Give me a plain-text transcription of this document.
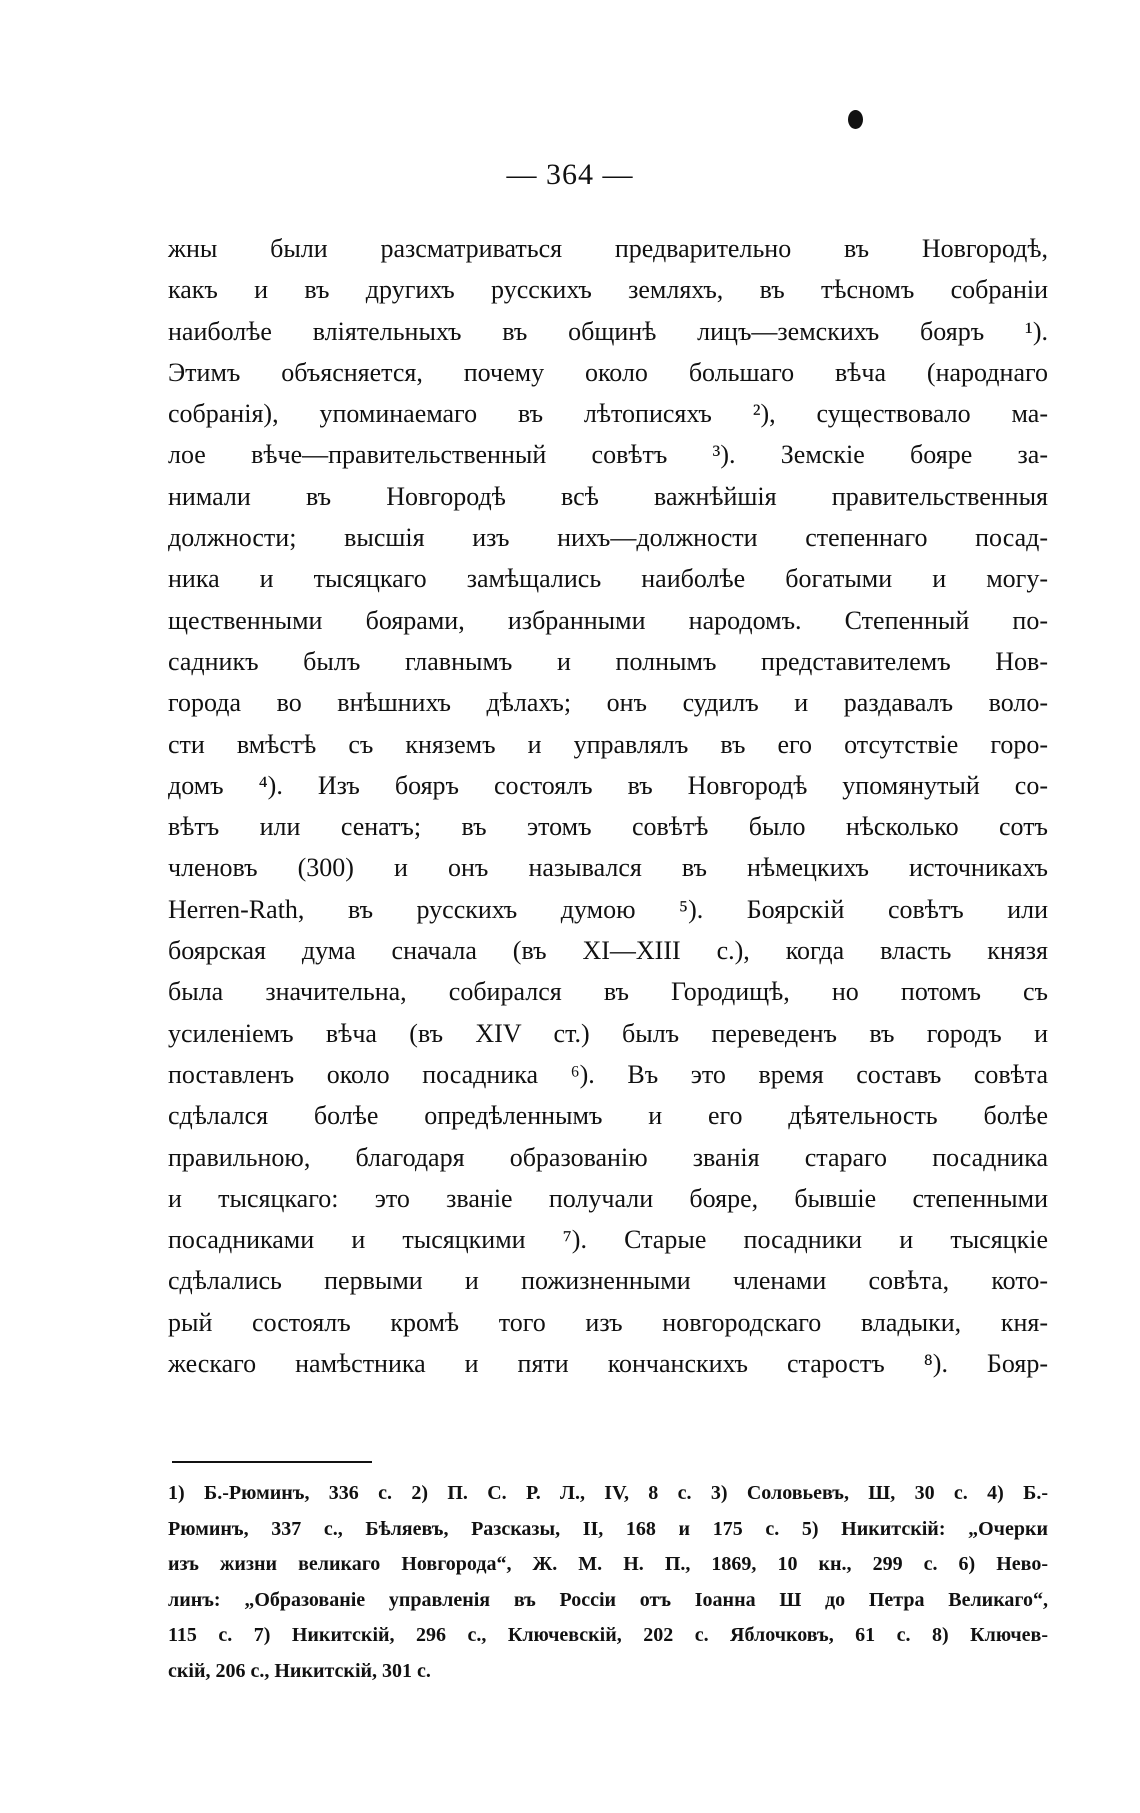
— 364 —
жны были разсматриваться предварительно въ Новгородѣ,
какъ и въ другихъ русскихъ земляхъ, въ тѣсномъ собраніи
наиболѣе вліятельныхъ въ общинѣ лицъ—земскихъ бояръ ¹).
Этимъ объясняется, почему около большаго вѣча (народнаго
собранія), упоминаемаго въ лѣтописяхъ ²), существовало ма-
лое вѣче—правительственный совѣтъ ³). Земскіе бояре за-
нимали въ Новгородѣ всѣ важнѣйшія правительственныя
должности; высшія изъ нихъ—должности степеннаго посад-
ника и тысяцкаго замѣщались наиболѣе богатыми и могу-
щественными боярами, избранными народомъ. Степенный по-
садникъ былъ главнымъ и полнымъ представителемъ Нов-
города во внѣшнихъ дѣлахъ; онъ судилъ и раздавалъ воло-
сти вмѣстѣ съ княземъ и управлялъ въ его отсутствіе горо-
домъ ⁴). Изъ бояръ состоялъ въ Новгородѣ упомянутый со-
вѣтъ или сенатъ; въ этомъ совѣтѣ было нѣсколько сотъ
членовъ (300) и онъ назывался въ нѣмецкихъ источникахъ
Herren-Rath, въ русскихъ думою ⁵). Боярскій совѣтъ или
боярская дума сначала (въ XI—XIII с.), когда власть князя
была значительна, собирался въ Городищѣ, но потомъ съ
усиленіемъ вѣча (въ XIV ст.) былъ переведенъ въ городъ и
поставленъ около посадника ⁶). Въ это время составъ совѣта
сдѣлался болѣе опредѣленнымъ и его дѣятельность болѣе
правильною, благодаря образованію званія стараго посадника
и тысяцкаго: это званіе получали бояре, бывшіе степенными
посадниками и тысяцкими ⁷). Старые посадники и тысяцкіе
сдѣлались первыми и пожизненными членами совѣта, кото-
рый состоялъ кромѣ того изъ новгородскаго владыки, кня-
жескаго намѣстника и пяти кончанскихъ старостъ ⁸). Бояр-
1) Б.-Рюминъ, 336 с. 2) П. С. Р. Л., IV, 8 с. 3) Соловьевъ, Ш, 30 с. 4) Б.-
Рюминъ, 337 с., Бѣляевъ, Разсказы, II, 168 и 175 с. 5) Никитскій: „Очерки
изъ жизни великаго Новгорода“, Ж. М. Н. П., 1869, 10 кн., 299 с. 6) Нево-
линъ: „Образованіе управленія въ Россіи отъ Іоанна Ш до Петра Великаго“,
115 с. 7) Никитскій, 296 с., Ключевскій, 202 с. Яблочковъ, 61 с. 8) Ключев-
скій, 206 с., Никитскій, 301 с.
